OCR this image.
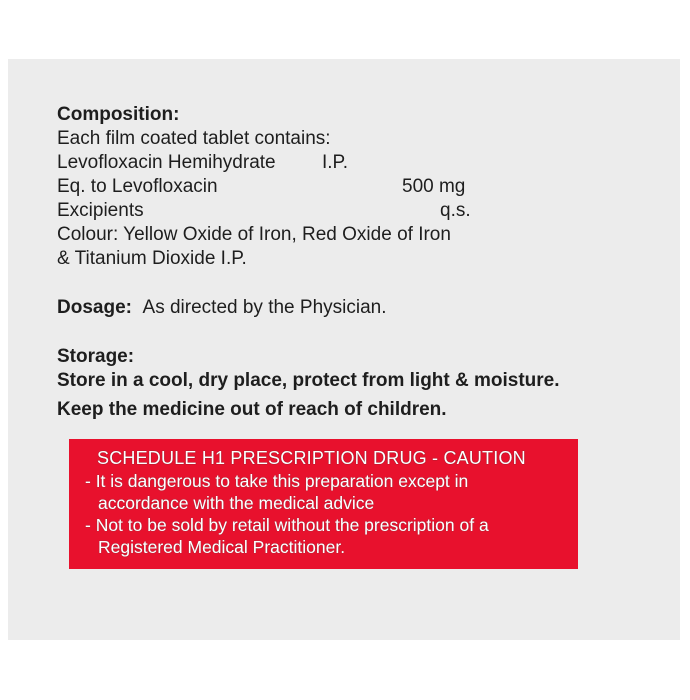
Composition:
Each film coated tablet contains:
Levofloxacin Hemihydrate I.P.
Eq. to Levofloxacin	500 mg
Excipients	q.s.
Colour: Yellow Oxide of Iron, Red Oxide of Iron
& Titanium Dioxide I.P.
Dosage: As directed by the Physician.
Storage:
Store in a cool, dry place, protect from light & moisture.
Keep the medicine out of reach of children.
SCHEDULE H1 PRESCRIPTION DRUG - CAUTION
- It is dangerous to take this preparation except in
accordance with the medical advice
- Not to be sold by retail without the prescription of a
Registered Medical Practitioner.
